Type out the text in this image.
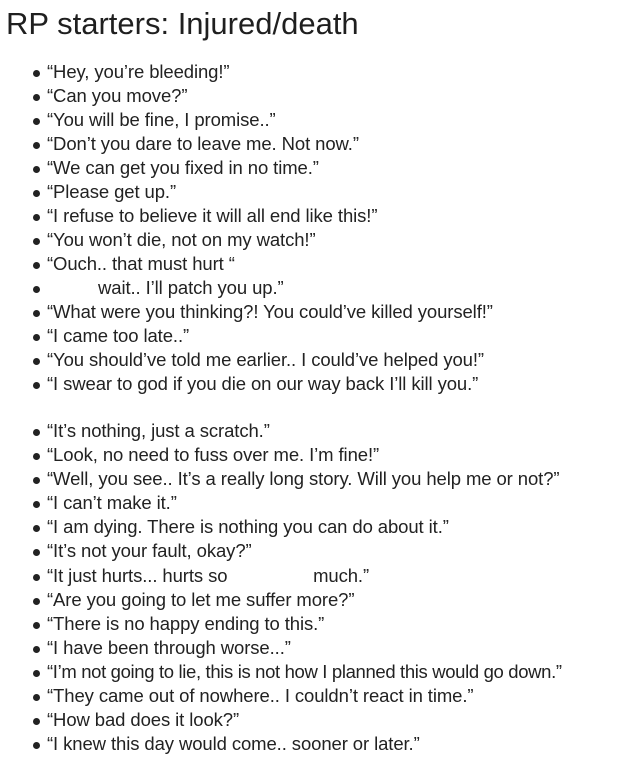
RP starters: Injured/death
“Hey, you’re bleeding!”
“Can you move?”
“You will be fine, I promise..”
“Don’t you dare to leave me. Not now.”
“We can get you fixed in no time.”
“Please get up.”
“I refuse to believe it will all end like this!”
“You won’t die, not on my watch!”
“Ouch.. that must hurt “
wait.. I’ll patch you up.”
“What were you thinking?! You could’ve killed yourself!”
“I came too late..”
“You should’ve told me earlier.. I could’ve helped you!”
“I swear to god if you die on our way back I’ll kill you.”
“It’s nothing, just a scratch.”
“Look, no need to fuss over me. I’m fine!”
“Well, you see.. It’s a really long story. Will you help me or not?”
“I can’t make it.”
“I am dying. There is nothing you can do about it.”
“It’s not your fault, okay?”
“It just hurts... hurts so                 much.”
“Are you going to let me suffer more?”
“There is no happy ending to this.”
“I have been through worse...”
“I’m not going to lie, this is not how I planned this would go down.”
“They came out of nowhere.. I couldn’t react in time.”
“How bad does it look?”
“I knew this day would come.. sooner or later.”
